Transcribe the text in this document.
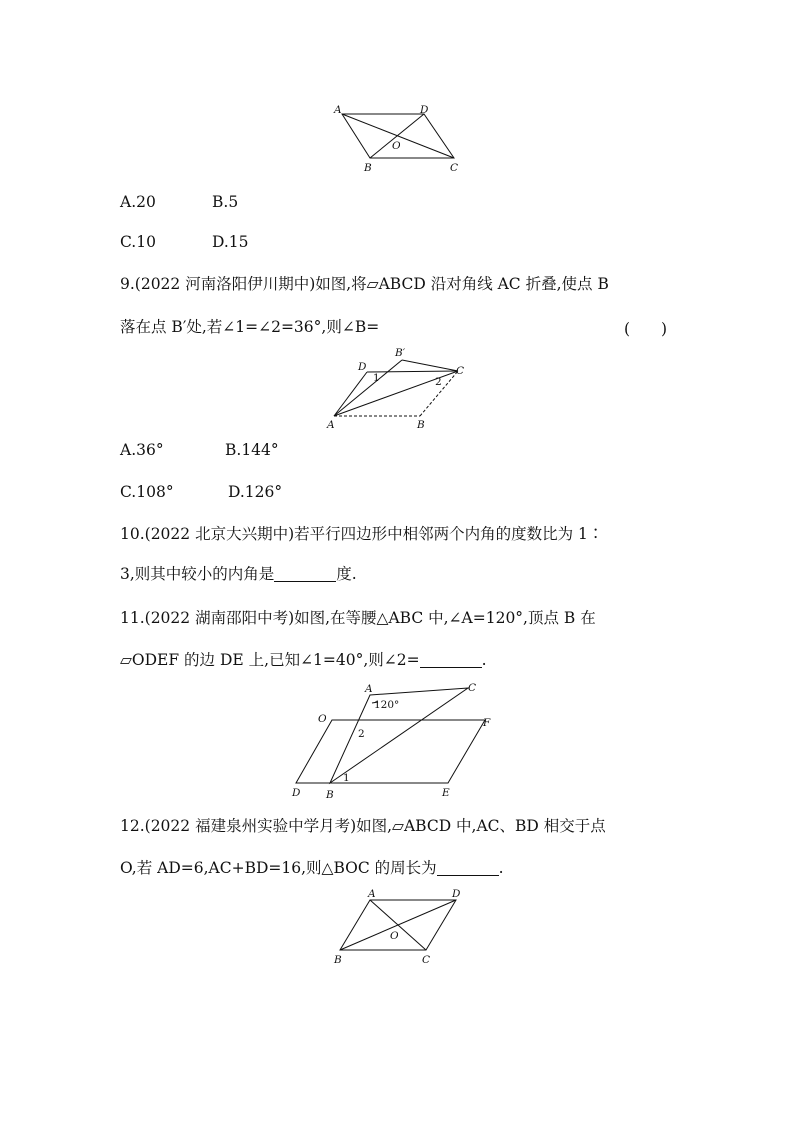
A	D
O
B	C
A.20	B.5
C.10	D.15
9.(2022 河南洛阳伊川期中)如图,将▱ABCD 沿对角线 AC 折叠,使点 B
落在点 B′处,若∠1=∠2=36°,则∠B=	(　　)
D
B′
1	2
C
A	B
A.36°	B.144°
C.108°	D.126°
10.(2022 北京大兴期中)若平行四边形中相邻两个内角的度数比为 1∶
3,则其中较小的内角是	度.
11.(2022 湖南邵阳中考)如图,在等腰△ABC 中,∠A=120°,顶点 B 在
▱ODEF 的边 DE 上,已知∠1=40°,则∠2=	.
A	C
O	F
120°
2
1
D B	E
12.(2022 福建泉州实验中学月考)如图,▱ABCD 中,AC、BD 相交于点
O,若 AD=6,AC+BD=16,则△BOC 的周长为	.
A	D
O
B	C
